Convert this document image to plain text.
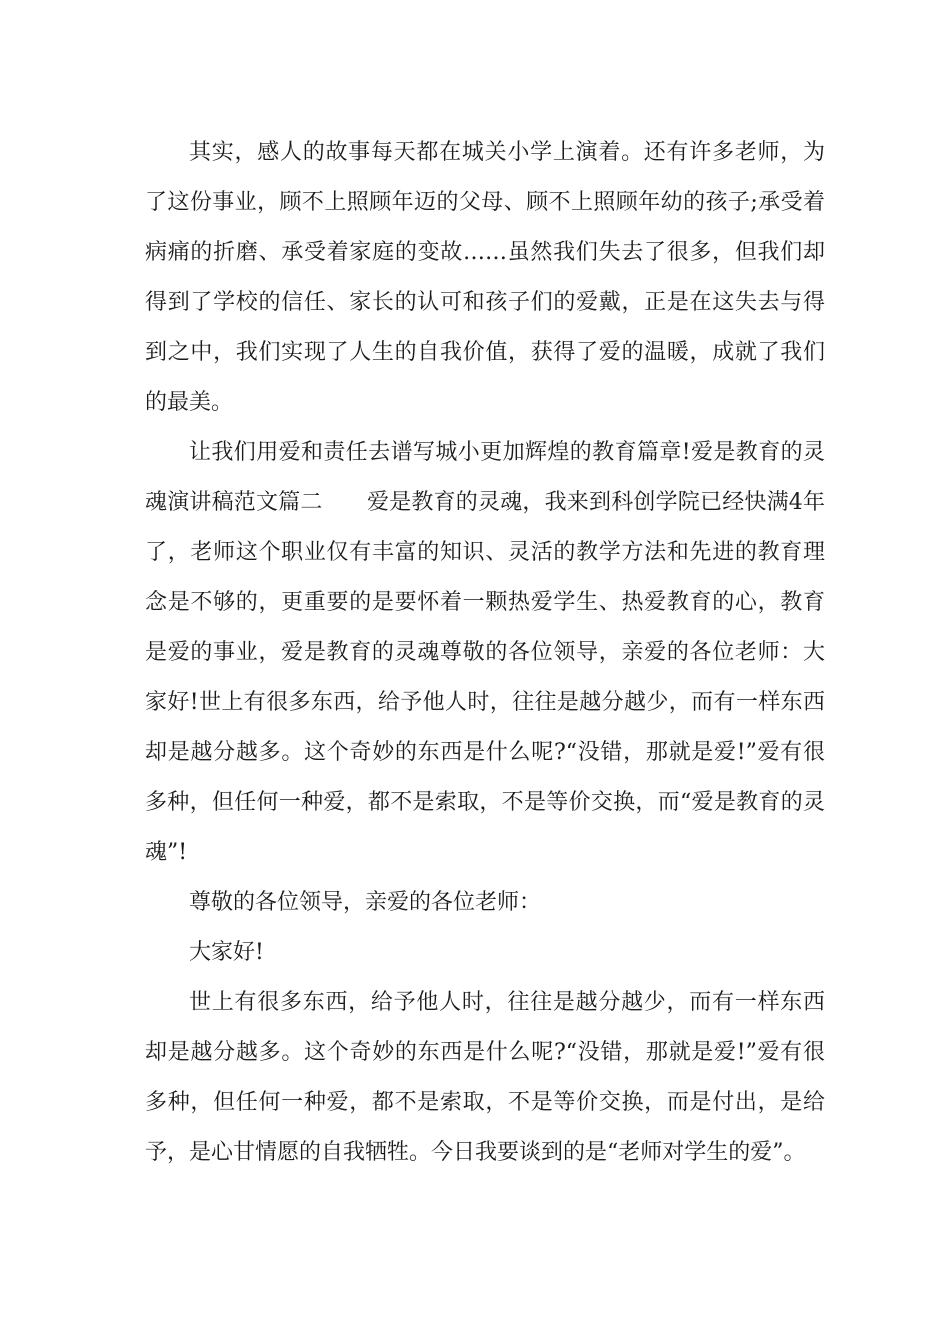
其实，感人的故事每天都在城关小学上演着。还有许多老师，为了这份事业，顾不上照顾年迈的父母、顾不上照顾年幼的孩子;承受着病痛的折磨、承受着家庭的变故……虽然我们失去了很多，但我们却得到了学校的信任、家长的认可和孩子们的爱戴，正是在这失去与得到之中，我们实现了人生的自我价值，获得了爱的温暖，成就了我们的最美。

让我们用爱和责任去谱写城小更加辉煌的教育篇章!爱是教育的灵魂演讲稿范文篇二　　爱是教育的灵魂，我来到科创学院已经快满4年了，老师这个职业仅有丰富的知识、灵活的教学方法和先进的教育理念是不够的，更重要的是要怀着一颗热爱学生、热爱教育的心，教育是爱的事业，爱是教育的灵魂尊敬的各位领导，亲爱的各位老师：大家好!世上有很多东西，给予他人时，往往是越分越少，而有一样东西却是越分越多。这个奇妙的东西是什么呢?“没错，那就是爱!”爱有很多种，但任何一种爱，都不是索取，不是等价交换，而“爱是教育的灵魂”!

尊敬的各位领导，亲爱的各位老师：

大家好!

世上有很多东西，给予他人时，往往是越分越少，而有一样东西却是越分越多。这个奇妙的东西是什么呢?“没错，那就是爱!”爱有很多种，但任何一种爱，都不是索取，不是等价交换，而是付出，是给予，是心甘情愿的自我牺牲。今日我要谈到的是“老师对学生的爱”。
